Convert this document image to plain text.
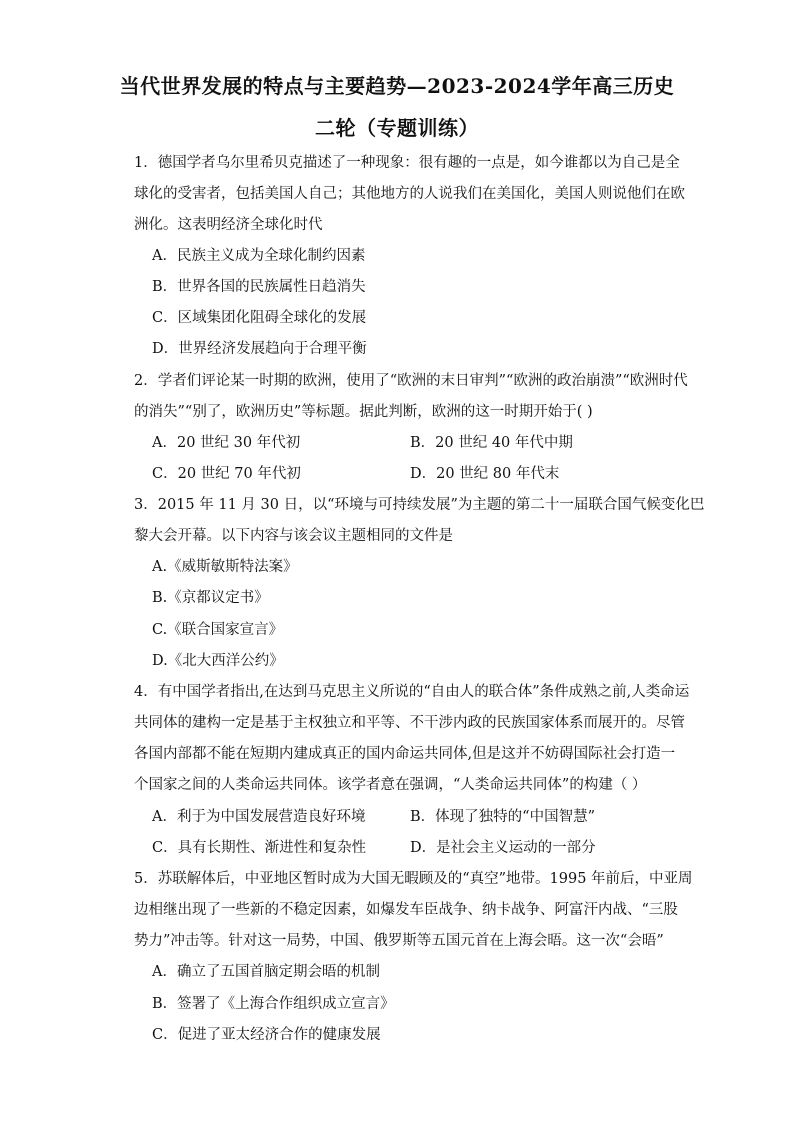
当代世界发展的特点与主要趋势—2023-2024学年高三历史
二轮（专题训练）
1．德国学者乌尔里希贝克描述了一种现象：很有趣的一点是，如今谁都以为自己是全
球化的受害者，包括美国人自己；其他地方的人说我们在美国化，美国人则说他们在欧
洲化。这表明经济全球化时代
A．民族主义成为全球化制约因素
B．世界各国的民族属性日趋消失
C．区域集团化阻碍全球化的发展
D．世界经济发展趋向于合理平衡
2．学者们评论某一时期的欧洲，使用了“欧洲的末日审判”“欧洲的政治崩溃”“欧洲时代
的消失”“别了，欧洲历史”等标题。据此判断，欧洲的这一时期开始于( )
A．20 世纪 30 年代初	B．20 世纪 40 年代中期
C．20 世纪 70 年代初	D．20 世纪 80 年代末
3．2015 年 11 月 30 日，以“环境与可持续发展”为主题的第二十一届联合国气候变化巴
黎大会开幕。以下内容与该会议主题相同的文件是
A.《威斯敏斯特法案》
B.《京都议定书》
C.《联合国家宣言》
D.《北大西洋公约》
4．有中国学者指出,在达到马克思主义所说的“自由人的联合体”条件成熟之前,人类命运
共同体的建构一定是基于主权独立和平等、不干涉内政的民族国家体系而展开的。尽管
各国内部都不能在短期内建成真正的国内命运共同体,但是这并不妨碍国际社会打造一
个国家之间的人类命运共同体。该学者意在强调，“人类命运共同体”的构建（ ）
A．利于为中国发展营造良好环境	B．体现了独特的“中国智慧”
C．具有长期性、渐进性和复杂性	D．是社会主义运动的一部分
5．苏联解体后，中亚地区暂时成为大国无暇顾及的“真空”地带。1995 年前后，中亚周
边相继出现了一些新的不稳定因素，如爆发车臣战争、纳卡战争、阿富汗内战、“三股
势力”冲击等。针对这一局势，中国、俄罗斯等五国元首在上海会晤。这一次“会晤”
A．确立了五国首脑定期会晤的机制
B．签署了《上海合作组织成立宣言》
C．促进了亚太经济合作的健康发展
